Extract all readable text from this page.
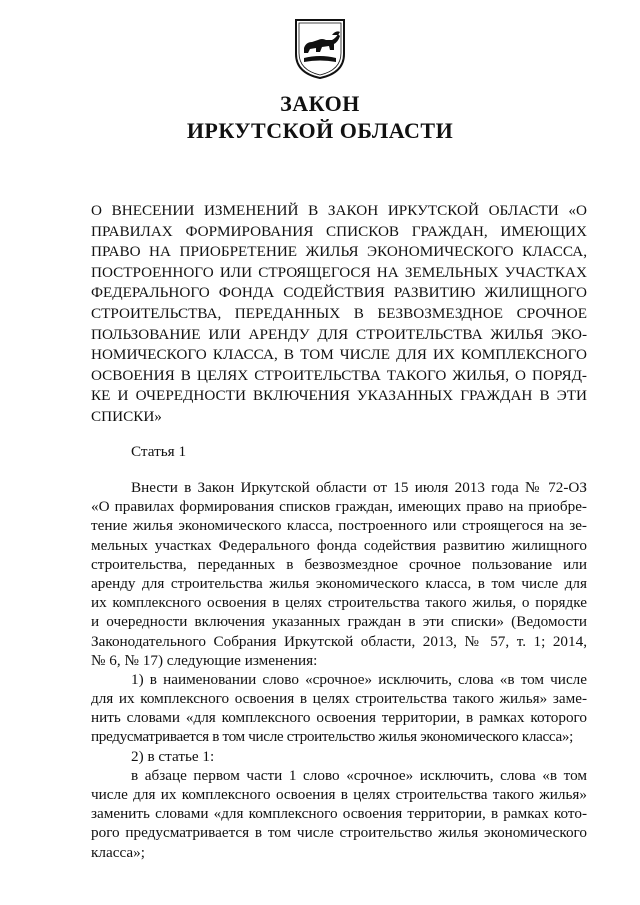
ЗАКОН
ИРКУТСКОЙ ОБЛАСТИ
О ВНЕСЕНИИ ИЗМЕНЕНИЙ В ЗАКОН ИРКУТСКОЙ ОБЛАСТИ «О
ПРАВИЛАХ ФОРМИРОВАНИЯ СПИСКОВ ГРАЖДАН, ИМЕЮЩИХ
ПРАВО НА ПРИОБРЕТЕНИЕ ЖИЛЬЯ ЭКОНОМИЧЕСКОГО КЛАССА,
ПОСТРОЕННОГО ИЛИ СТРОЯЩЕГОСЯ НА ЗЕМЕЛЬНЫХ УЧАСТКАХ
ФЕДЕРАЛЬНОГО ФОНДА СОДЕЙСТВИЯ РАЗВИТИЮ ЖИЛИЩНОГО
СТРОИТЕЛЬСТВА, ПЕРЕДАННЫХ В БЕЗВОЗМЕЗДНОЕ СРОЧНОЕ
ПОЛЬЗОВАНИЕ ИЛИ АРЕНДУ ДЛЯ СТРОИТЕЛЬСТВА ЖИЛЬЯ ЭКО-
НОМИЧЕСКОГО КЛАССА, В ТОМ ЧИСЛЕ ДЛЯ ИХ КОМПЛЕКСНОГО
ОСВОЕНИЯ В ЦЕЛЯХ СТРОИТЕЛЬСТВА ТАКОГО ЖИЛЬЯ, О ПОРЯД-
КЕ И ОЧЕРЕДНОСТИ ВКЛЮЧЕНИЯ УКАЗАННЫХ ГРАЖДАН В ЭТИ
СПИСКИ»
Статья 1
Внести в Закон Иркутской области от 15 июля 2013 года № 72-ОЗ
«О правилах формирования списков граждан, имеющих право на приобре-
тение жилья экономического класса, построенного или строящегося на зе-
мельных участках Федерального фонда содействия развитию жилищного
строительства, переданных в безвозмездное срочное пользование или
аренду для строительства жилья экономического класса, в том числе для
их комплексного освоения в целях строительства такого жилья, о порядке
и очередности включения указанных граждан в эти списки» (Ведомости
Законодательного Собрания Иркутской области, 2013, № 57, т. 1; 2014,
№ 6, № 17) следующие изменения:
1) в наименовании слово «срочное» исключить, слова «в том числе
для их комплексного освоения в целях строительства такого жилья» заме-
нить словами «для комплексного освоения территории, в рамках которого
предусматривается в том числе строительство жилья экономического класса»;
2) в статье 1:
в абзаце первом части 1 слово «срочное» исключить, слова «в том
числе для их комплексного освоения в целях строительства такого жилья»
заменить словами «для комплексного освоения территории, в рамках кото-
рого предусматривается в том числе строительство жилья экономического
класса»;
